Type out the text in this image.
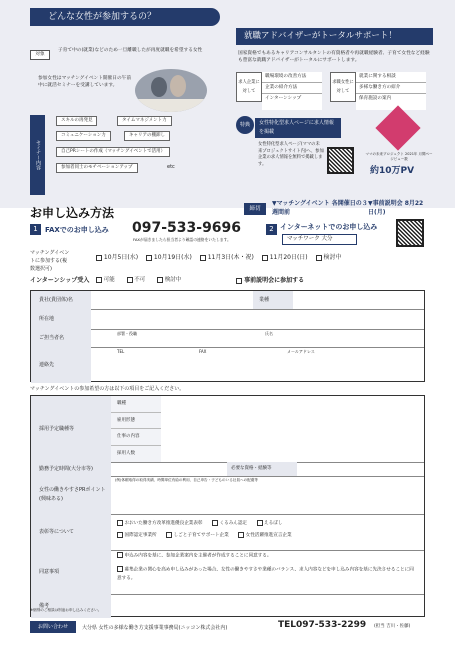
どんな女性が参加するの？
対象
子育て中の(就業)などのため一旦離職したが再度就職を希望する女性
参加女性はマッチングイベント開催日の午前中に就活セミナーを受講しています。
セミナー内容
スキルの再発見	タイムマネジメント力
コミュニケーション力	キャリアの棚卸し
自己PRシートの作成（マッチングイベントで活用）
参加者同士のモチベーションアップ	etc
就職アドバイザーがトータルサポート！
国家資格でもあるキャリアコンサルタントの有資格者や再就職経験者、子育て女性など経験も豊富な就職アドバイザーがトータルにサポートします。
求人企業に対して
職場環境の改善方法
企業の紹介方法
インターンシップ
求職女性に対して
就業に関する相談
多様な働き方の紹介
保育施設の案内
特典	女性特化型求人ページに求人情報を掲載
女性特化型求人ページ(ママの未来プロジェクトサイト内)へ、参加企業の求人情報を無料で掲載します。
ママの未来プロジェクト 2021年 月間ページビュー数
約10万PV
お申し込み方法	締切
▼マッチングイベント 各開催日の３週間前
▼事前説明会 8月22日(月)
1	FAXでのお申し込み 097-533-9696
FAXが届きましたら担当者より確認の連絡をいたします。
2 インターネットでのお申し込み
マッチワーク 大分
マッチングイベントに参加する(複数選択可)
10月5日(水)	10月19日(水)	11月3日(木・祝)	11月20日(日)	検討中
インターンシップ受入	可能	不可	検討中	事前説明会に参加する
貴社(貴団体)名	業種
所在地
ご担当者名
部署・役職	氏名
連絡先
TEL	FAX	メールアドレス
マッチングイベントの参加希望の方は以下の項目をご記入ください。
採用予定職種等
職種
雇用形態
仕事の内容
採用人数
勤務予定時間(大分市等)	必要な資格・経験等
女性の働きやすさPRポイント(興味ある)
(例)休暇取得の取得実績、時間単位有給の利用、自己申告・子どものいる社員への配慮等
表彰等について
おおいた働き方改革推進優良企業表彰	くるみん認定	えるぼし
国際認定事業所	しごと子育てサポート企業	女性活躍推進宣言企業
同意事項
申込み内容を基に、参加企業案内を主催者が作成することに同意する。
募集企業の関心を高め申し込みがあった場合、女性の働きやすさや業種のバランス、求人内容などを申し込み内容を基に先決させることに同意する。
備考
※個別のご相談は別途お申し込みください。
お問い合わせ	大分県 女性の多様な働き方支援事業事務局(ニッコン株式会社内)	TEL097-533-2299 (担当 吉川・佐藤)
